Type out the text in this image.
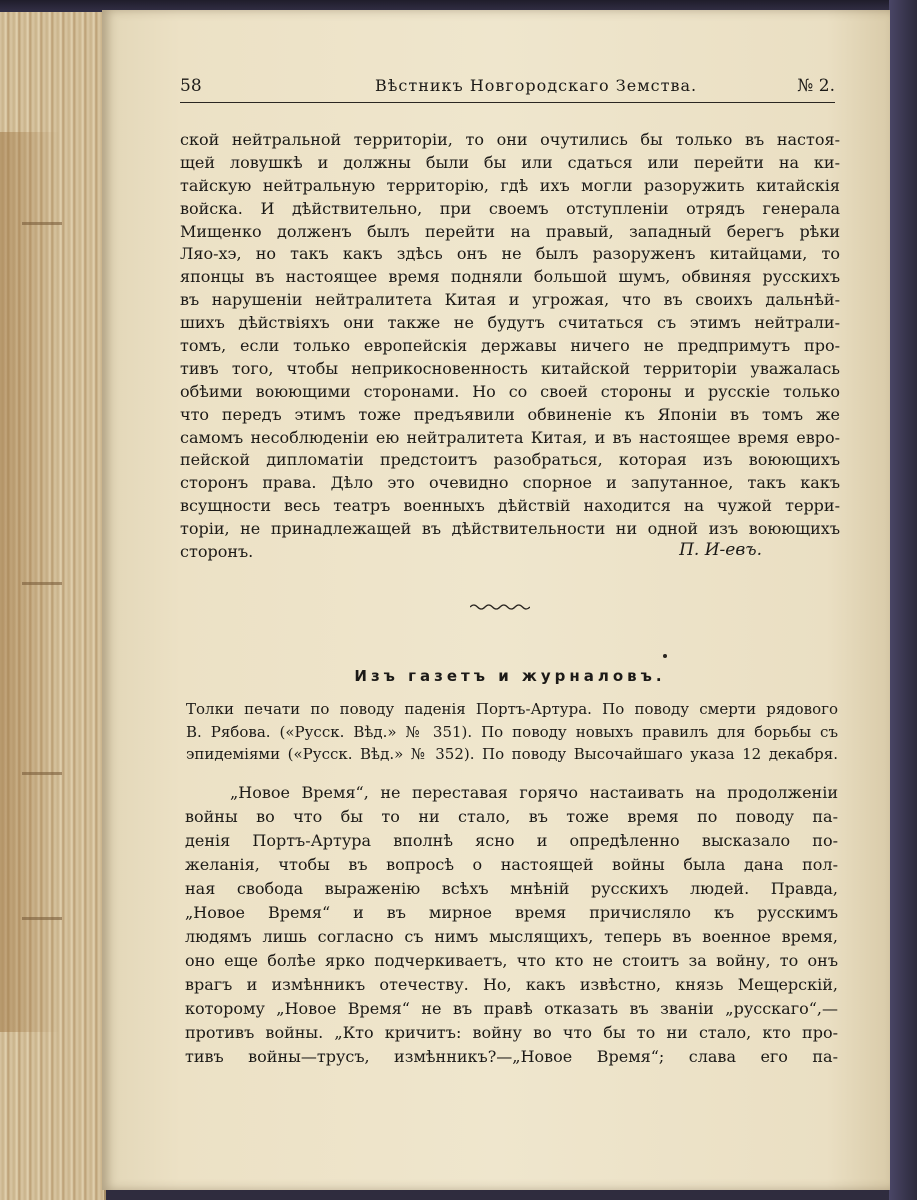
58	Вѣстникъ Новгородскаго Земства.	№ 2.
ской нейтральной территоріи, то они очутились бы только въ настоя-
щей ловушкѣ и должны были бы или сдаться или перейти на ки-
тайскую нейтральную территорію, гдѣ ихъ могли разоружить китайскія
войска. И дѣйствительно, при своемъ отступленіи отрядъ генерала
Мищенко долженъ былъ перейти на правый, западный берегъ рѣки
Ляо-хэ, но такъ какъ здѣсь онъ не былъ разоруженъ китайцами, то
японцы въ настоящее время подняли большой шумъ, обвиняя русскихъ
въ нарушеніи нейтралитета Китая и угрожая, что въ своихъ дальнѣй-
шихъ дѣйствіяхъ они также не будутъ считаться съ этимъ нейтрали-
томъ, если только европейскія державы ничего не предпримутъ про-
тивъ того, чтобы неприкосновенность китайской территоріи уважалась
обѣими воюющими сторонами. Но со своей стороны и русскіе только
что передъ этимъ тоже предъявили обвиненіе къ Японіи въ томъ же
самомъ несоблюденіи ею нейтралитета Китая, и въ настоящее время евро-
пейской дипломатіи предстоитъ разобраться, которая изъ воюющихъ
сторонъ права. Дѣло это очевидно спорное и запутанное, такъ какъ
всущности весь театръ военныхъ дѣйствій находится на чужой терри-
торіи, не принадлежащей въ дѣйствительности ни одной изъ воюющихъ
сторонъ.	П. И-евъ.
Изъ газетъ и журналовъ.
Толки печати по поводу паденія Портъ-Артура. По поводу смерти рядового
В. Рябова. («Русск. Вѣд.» № 351). По поводу новыхъ правилъ для борьбы съ
эпидеміями («Русск. Вѣд.» № 352). По поводу Высочайшаго указа 12 декабря.
„Новое Время“, не переставая горячо настаивать на продолженіи
войны во что бы то ни стало, въ тоже время по поводу па-
денія Портъ-Артура вполнѣ ясно и опредѣленно высказало по-
желанія, чтобы въ вопросѣ о настоящей войны была дана пол-
ная свобода выраженію всѣхъ мнѣній русскихъ людей. Правда,
„Новое Время“ и въ мирное время причисляло къ русскимъ
людямъ лишь согласно съ нимъ мыслящихъ, теперь въ военное время,
оно еще болѣе ярко подчеркиваетъ, что кто не стоитъ за войну, то онъ
врагъ и измѣнникъ отечеству. Но, какъ извѣстно, князь Мещерскій,
которому „Новое Время“ не въ правѣ отказать въ званіи „русскаго“,—
противъ войны. „Кто кричитъ: войну во что бы то ни стало, кто про-
тивъ войны—трусъ, измѣнникъ?—„Новое Время“; слава его па-
